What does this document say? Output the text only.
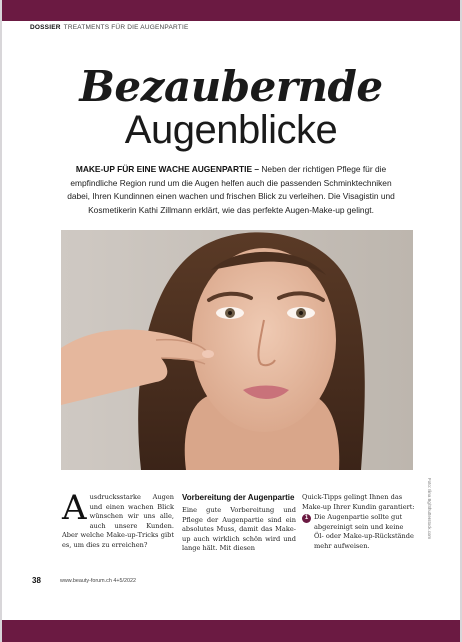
DOSSIER TREATMENTS FÜR DIE AUGENPARTIE
Bezaubernde
Augenblicke
MAKE-UP FÜR EINE WACHE AUGENPARTIE – Neben der richtigen Pflege für die empfindliche Region rund um die Augen helfen auch die passenden Schminktechniken dabei, Ihren Kundinnen einen wachen und frischen Blick zu verleihen. Die Visagistin und Kosmetikerin Kathi Zillmann erklärt, wie das perfekte Augen-Make-up gelingt.
Ausdrucksstarke Augen und einen wachen Blick wünschen wir uns alle, auch unsere Kunden. Aber welche Make-up-Tricks gibt es, um dies zu erreichen?
Vorbereitung der Augenpartie

Eine gute Vorbereitung und Pflege der Augenpartie sind ein absolutes Muss, damit das Make-up auch wirklich schön wird und lange hält. Mit diesen

Quick-Tipps gelingt Ihnen das Make-up Ihrer Kundin garantiert:

1 Die Augenpartie sollte gut abgereinigt sein und keine Öl- oder Make-up-Rückstände mehr aufweisen.
Foto: Ilina Bg/Shutterstock.com
38	www.beauty-forum.ch 4+5/2022
